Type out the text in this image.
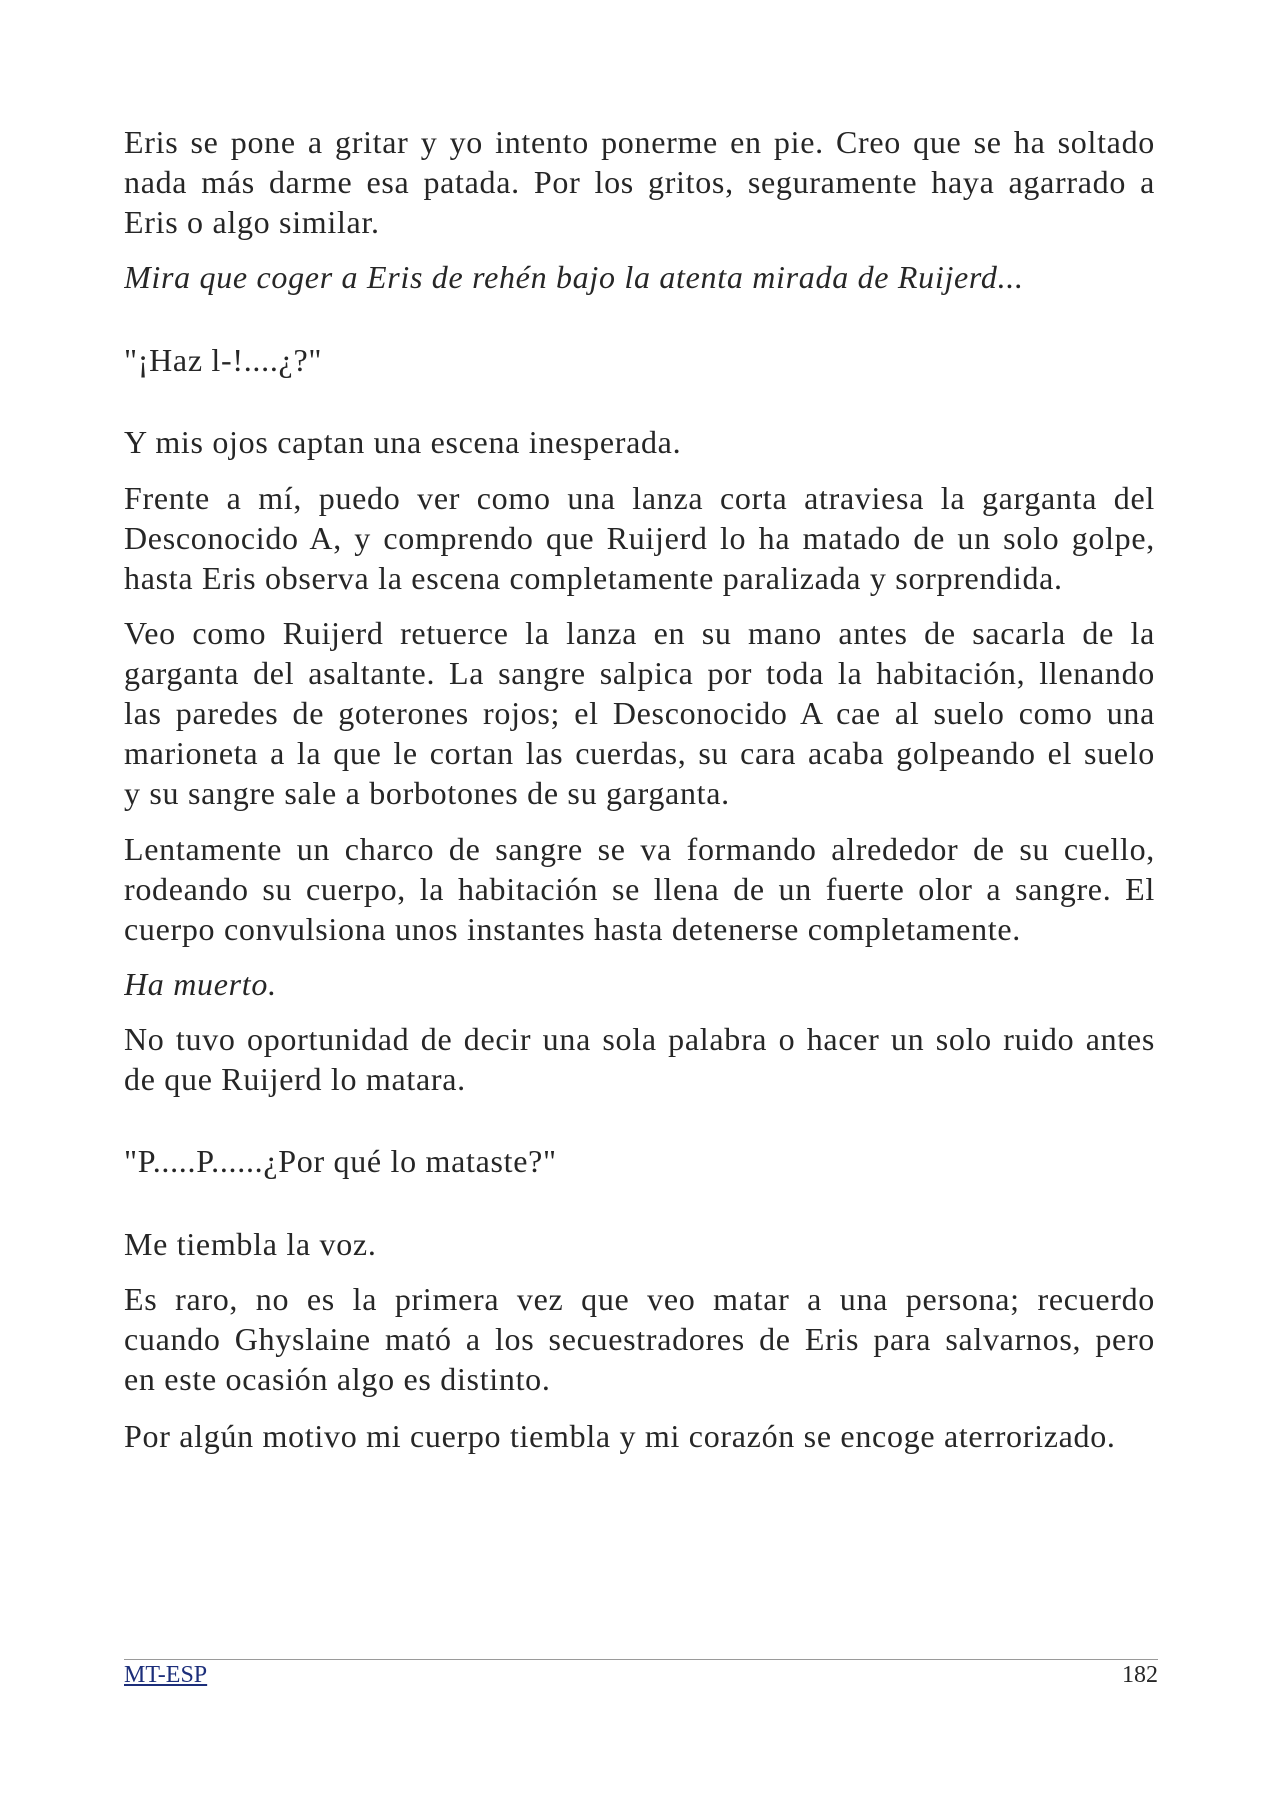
Eris se pone a gritar y yo intento ponerme en pie. Creo que se ha soltado
nada más darme esa patada. Por los gritos, seguramente haya agarrado a
Eris o algo similar.
Mira que coger a Eris de rehén bajo la atenta mirada de Ruijerd...
"¡Haz l-!....¿?"
Y mis ojos captan una escena inesperada.
Frente a mí, puedo ver como una lanza corta atraviesa la garganta del
Desconocido A, y comprendo que Ruijerd lo ha matado de un solo golpe,
hasta Eris observa la escena completamente paralizada y sorprendida.
Veo como Ruijerd retuerce la lanza en su mano antes de sacarla de la
garganta del asaltante. La sangre salpica por toda la habitación, llenando
las paredes de goterones rojos; el Desconocido A cae al suelo como una
marioneta a la que le cortan las cuerdas, su cara acaba golpeando el suelo
y su sangre sale a borbotones de su garganta.
Lentamente un charco de sangre se va formando alrededor de su cuello,
rodeando su cuerpo, la habitación se llena de un fuerte olor a sangre. El
cuerpo convulsiona unos instantes hasta detenerse completamente.
Ha muerto.
No tuvo oportunidad de decir una sola palabra o hacer un solo ruido antes
de que Ruijerd lo matara.
"P.....P......¿Por qué lo mataste?"
Me tiembla la voz.
Es raro, no es la primera vez que veo matar a una persona; recuerdo
cuando Ghyslaine mató a los secuestradores de Eris para salvarnos, pero
en este ocasión algo es distinto.
Por algún motivo mi cuerpo tiembla y mi corazón se encoge aterrorizado.
MT-ESP	182
